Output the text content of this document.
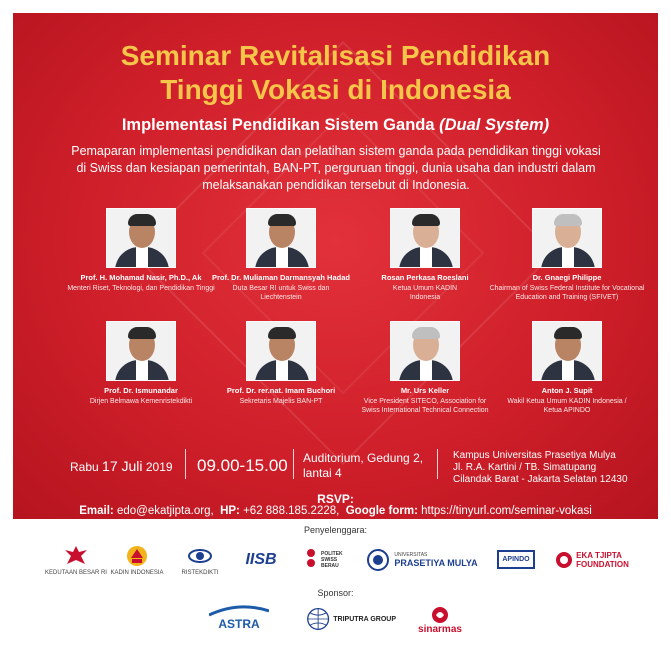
Seminar Revitalisasi Pendidikan
Tinggi Vokasi di Indonesia
Implementasi Pendidikan Sistem Ganda (Dual System)
Pemaparan implementasi pendidikan dan pelatihan sistem ganda pada pendidikan tinggi vokasi di Swiss dan kesiapan pemerintah, BAN-PT, perguruan tinggi, dunia usaha dan industri dalam melaksanakan pendidikan tersebut di Indonesia.
Prof. H. Mohamad Nasir, Ph.D., Ak
Menteri Riset, Teknologi, dan Pendidikan Tinggi
Prof. Dr. Muliaman Darmansyah Hadad
Duta Besar RI untuk Swiss dan Liechtenstein
Rosan Perkasa Roeslani
Ketua Umum KADIN Indonesia
Dr. Gnaegi Philippe
Chairman of Swiss Federal Institute for Vocational Education and Training (SFIVET)
Prof. Dr. Ismunandar
Dirjen Belmawa Kemenristekdikti
Prof. Dr. rer.nat. Imam Buchori
Sekretaris Majelis BAN-PT
Mr. Urs Keller
Vice President SITECO, Association for Swiss International Technical Connection
Anton J. Supit
Wakil Ketua Umum KADIN Indonesia / Ketua APINDO
Rabu 17 Juli 2019 09.00-15.00 Auditorium, Gedung 2,
lantai 4
Kampus Universitas Prasetiya Mulya
Jl. R.A. Kartini / TB. Simatupang
Cilandak Barat - Jakarta Selatan 12430
RSVP:
Email: edo@ekatjipta.org, HP: +62 888.185.2228, Google form: https://tinyurl.com/seminar-vokasi
Penyelenggara:
KEDUTAAN BESAR RI KADIN INDONESIA	RISTEKDIKTI
IISB	POLITEK SWISS BERAU
UNIVERSITAS
PRASETIYA MULYA	APINDO	EKA TJIPTA
FOUNDATION
Sponsor:
ASTRA	TRIPUTRA GROUP
sinarmas
